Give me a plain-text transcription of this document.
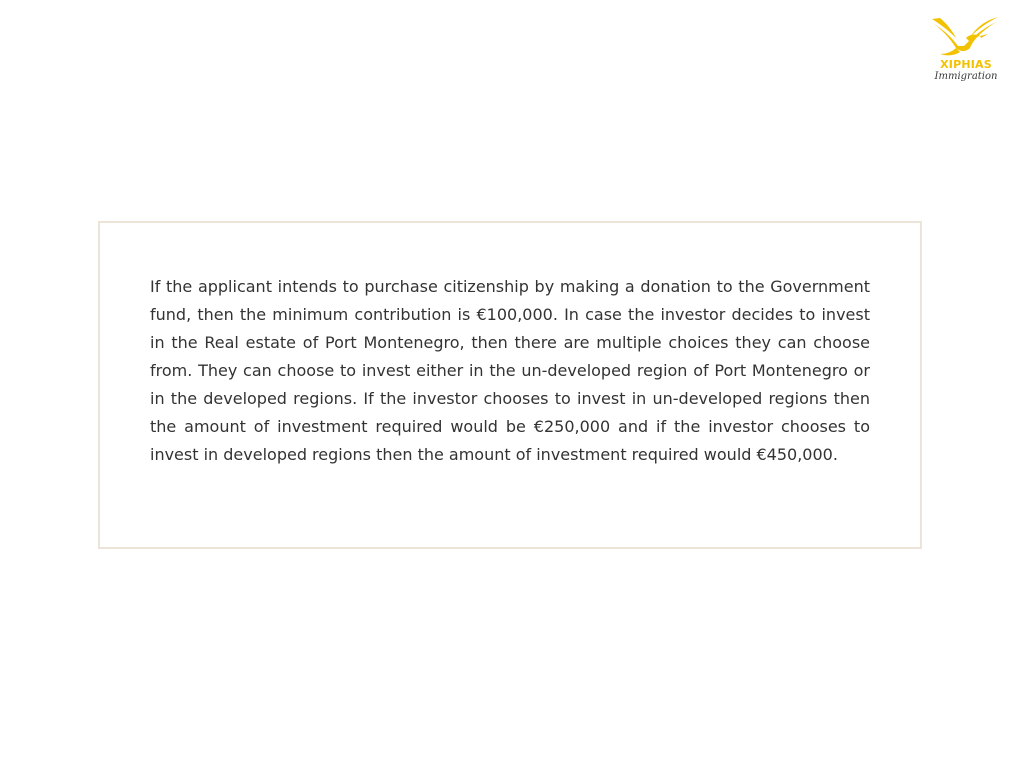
XIPHIAS
Immigration

If the applicant intends to purchase citizenship by making a donation to the Government fund, then the minimum contribution is €100,000. In case the investor decides to invest in the Real estate of Port Montenegro, then there are multiple choices they can choose from. They can choose to invest either in the un-developed region of Port Montenegro or in the developed regions. If the investor chooses to invest in un-developed regions then the amount of investment required would be €250,000 and if the investor chooses to invest in developed regions then the amount of investment required would €450,000.
